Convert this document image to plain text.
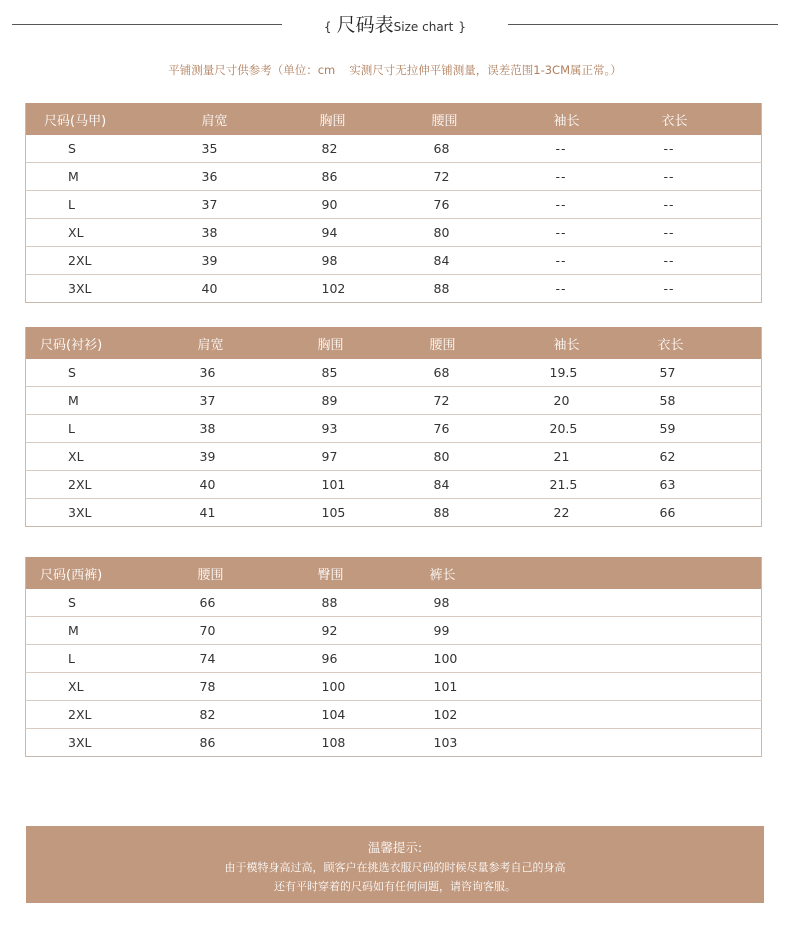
{ 尺码表Size chart }
平铺测量尺寸供参考（单位：cm 实测尺寸无拉伸平铺测量，误差范围1-3CM属正常。）
尺码(马甲)	肩宽	胸围	腰围	袖长	衣长
S	35	82	68	--	--
M	36	86	72	--	--
L	37	90	76	--	--
XL	38	94	80	--	--
2XL	39	98	84	--	--
3XL	40	102	88	--	--
尺码(衬衫)	肩宽	胸围	腰围	袖长	衣长
S	36	85	68	19.5	57
M	37	89	72	20	58
L	38	93	76	20.5	59
XL	39	97	80	21	62
2XL	40	101	84	21.5	63
3XL	41	105	88	22	66
尺码(西裤)	腰围	臀围	裤长		
S	66	88	98		
M	70	92	99		
L	74	96	100		
XL	78	100	101		
2XL	82	104	102		
3XL	86	108	103		
温馨提示:
由于模特身高过高，顾客户在挑选衣服尺码的时候尽量参考自己的身高
还有平时穿着的尺码如有任何问题，请咨询客服。
